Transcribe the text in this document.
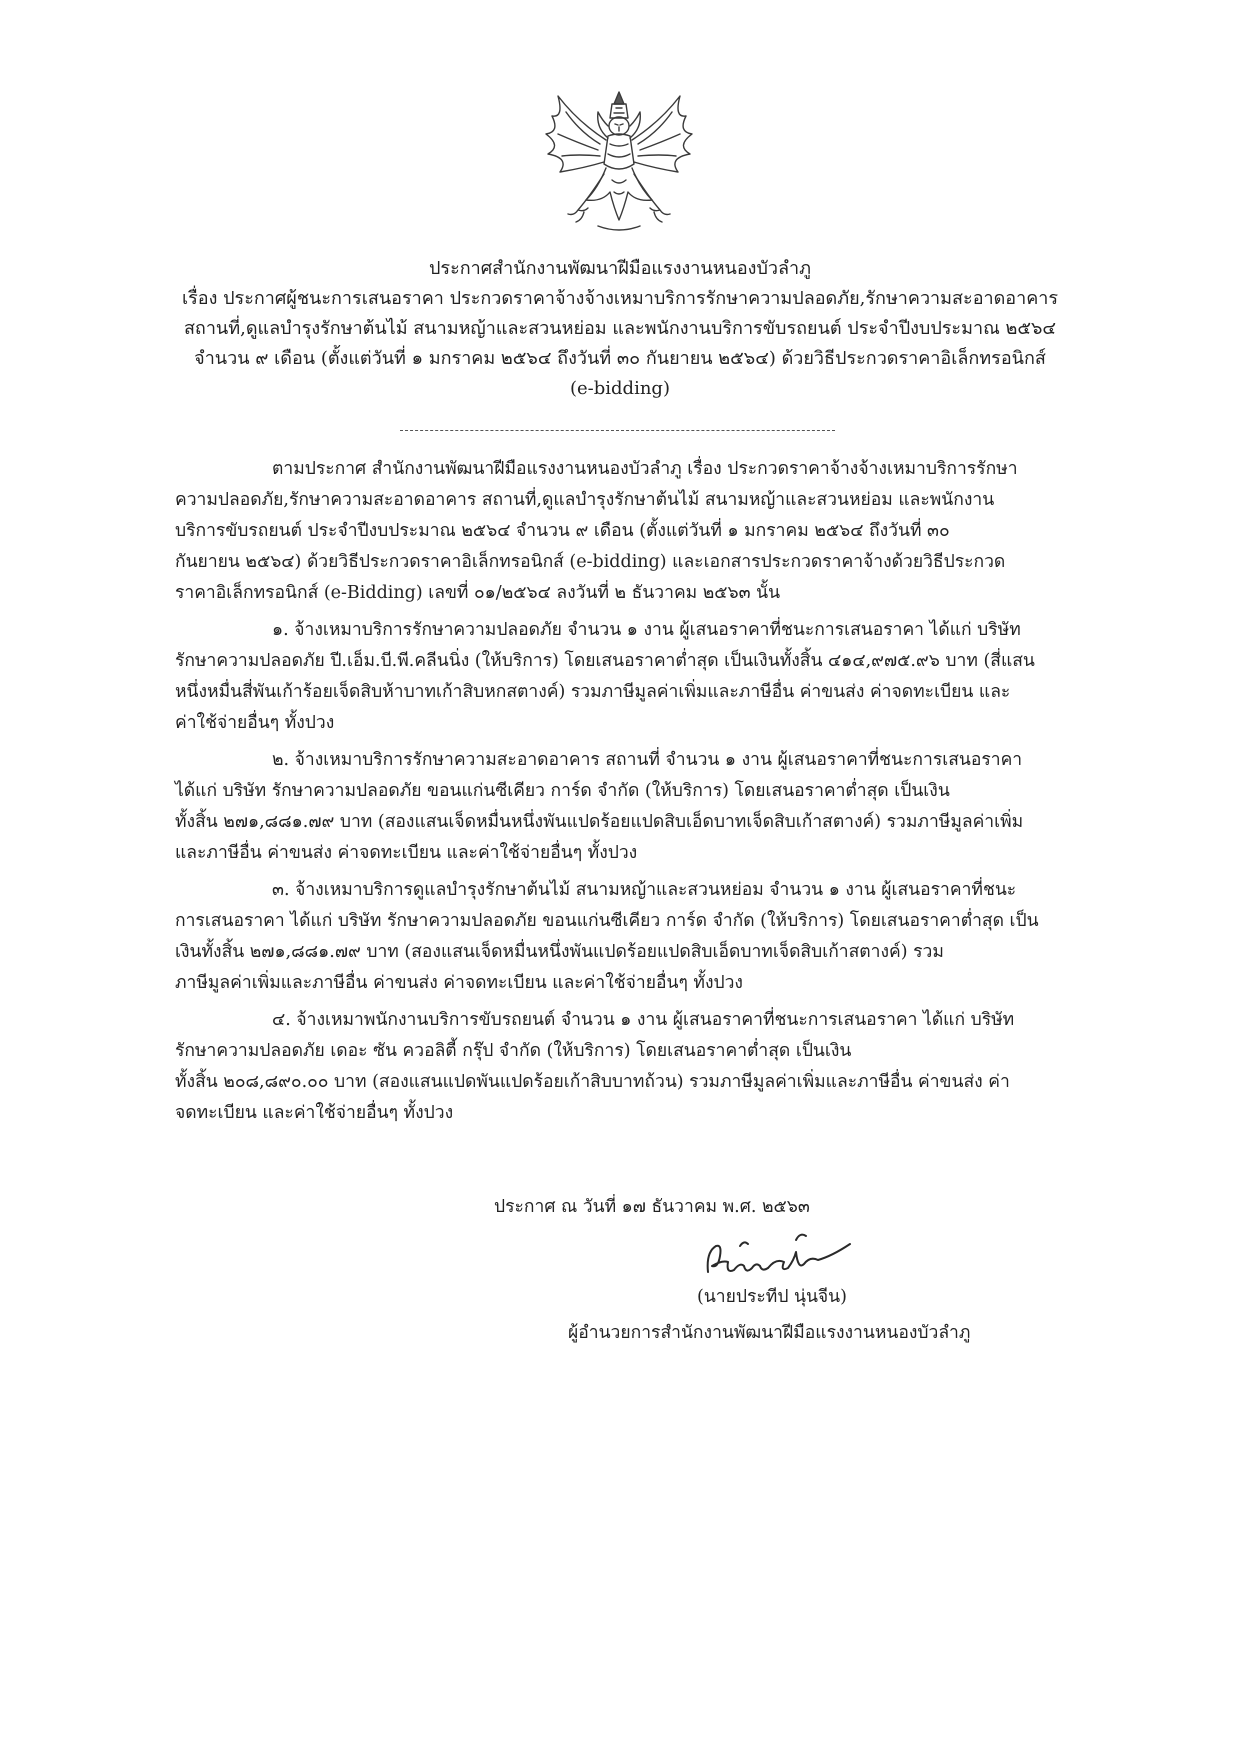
ประกาศสำนักงานพัฒนาฝีมือแรงงานหนองบัวลำภู
เรื่อง ประกาศผู้ชนะการเสนอราคา ประกวดราคาจ้างจ้างเหมาบริการรักษาความปลอดภัย,รักษาความสะอาดอาคาร
สถานที่,ดูแลบำรุงรักษาต้นไม้ สนามหญ้าและสวนหย่อม และพนักงานบริการขับรถยนต์ ประจำปีงบประมาณ ๒๕๖๔
จำนวน ๙ เดือน (ตั้งแต่วันที่ ๑ มกราคม ๒๕๖๔ ถึงวันที่ ๓๐ กันยายน ๒๕๖๔) ด้วยวิธีประกวดราคาอิเล็กทรอนิกส์
(e-bidding)
ตามประกาศ สำนักงานพัฒนาฝีมือแรงงานหนองบัวลำภู เรื่อง ประกวดราคาจ้างจ้างเหมาบริการรักษา
ความปลอดภัย,รักษาความสะอาดอาคาร สถานที่,ดูแลบำรุงรักษาต้นไม้ สนามหญ้าและสวนหย่อม และพนักงาน
บริการขับรถยนต์ ประจำปีงบประมาณ ๒๕๖๔ จำนวน ๙ เดือน (ตั้งแต่วันที่ ๑ มกราคม ๒๕๖๔ ถึงวันที่ ๓๐
กันยายน ๒๕๖๔) ด้วยวิธีประกวดราคาอิเล็กทรอนิกส์ (e-bidding) และเอกสารประกวดราคาจ้างด้วยวิธีประกวด
ราคาอิเล็กทรอนิกส์ (e-Bidding) เลขที่ ๐๑/๒๕๖๔ ลงวันที่ ๒ ธันวาคม ๒๕๖๓ นั้น
๑. จ้างเหมาบริการรักษาความปลอดภัย จำนวน ๑ งาน ผู้เสนอราคาที่ชนะการเสนอราคา ได้แก่ บริษัท
รักษาความปลอดภัย ปี.เอ็ม.บี.พี.คลีนนิ่ง (ให้บริการ) โดยเสนอราคาต่ำสุด เป็นเงินทั้งสิ้น ๔๑๔,๙๗๕.๙๖ บาท (สี่แสน
หนึ่งหมื่นสี่พันเก้าร้อยเจ็ดสิบห้าบาทเก้าสิบหกสตางค์) รวมภาษีมูลค่าเพิ่มและภาษีอื่น ค่าขนส่ง ค่าจดทะเบียน และ
ค่าใช้จ่ายอื่นๆ ทั้งปวง
๒. จ้างเหมาบริการรักษาความสะอาดอาคาร สถานที่ จำนวน ๑ งาน ผู้เสนอราคาที่ชนะการเสนอราคา
ได้แก่ บริษัท รักษาความปลอดภัย ขอนแก่นซีเคียว การ์ด จำกัด (ให้บริการ) โดยเสนอราคาต่ำสุด เป็นเงิน
ทั้งสิ้น ๒๗๑,๘๘๑.๗๙ บาท (สองแสนเจ็ดหมื่นหนึ่งพันแปดร้อยแปดสิบเอ็ดบาทเจ็ดสิบเก้าสตางค์) รวมภาษีมูลค่าเพิ่ม
และภาษีอื่น ค่าขนส่ง ค่าจดทะเบียน และค่าใช้จ่ายอื่นๆ ทั้งปวง
๓. จ้างเหมาบริการดูแลบำรุงรักษาต้นไม้ สนามหญ้าและสวนหย่อม จำนวน ๑ งาน ผู้เสนอราคาที่ชนะ
การเสนอราคา ได้แก่ บริษัท รักษาความปลอดภัย ขอนแก่นซีเคียว การ์ด จำกัด (ให้บริการ) โดยเสนอราคาต่ำสุด เป็น
เงินทั้งสิ้น ๒๗๑,๘๘๑.๗๙ บาท (สองแสนเจ็ดหมื่นหนึ่งพันแปดร้อยแปดสิบเอ็ดบาทเจ็ดสิบเก้าสตางค์) รวม
ภาษีมูลค่าเพิ่มและภาษีอื่น ค่าขนส่ง ค่าจดทะเบียน และค่าใช้จ่ายอื่นๆ ทั้งปวง
๔. จ้างเหมาพนักงานบริการขับรถยนต์ จำนวน ๑ งาน ผู้เสนอราคาที่ชนะการเสนอราคา ได้แก่ บริษัท
รักษาความปลอดภัย เดอะ ซัน ควอลิตี้ กรุ๊ป จำกัด (ให้บริการ) โดยเสนอราคาต่ำสุด เป็นเงิน
ทั้งสิ้น ๒๐๘,๘๙๐.๐๐ บาท (สองแสนแปดพันแปดร้อยเก้าสิบบาทถ้วน) รวมภาษีมูลค่าเพิ่มและภาษีอื่น ค่าขนส่ง ค่า
จดทะเบียน และค่าใช้จ่ายอื่นๆ ทั้งปวง
ประกาศ ณ วันที่ ๑๗ ธันวาคม พ.ศ. ๒๕๖๓
(นายประทีป นุ่นจีน)
ผู้อำนวยการสำนักงานพัฒนาฝีมือแรงงานหนองบัวลำภู
